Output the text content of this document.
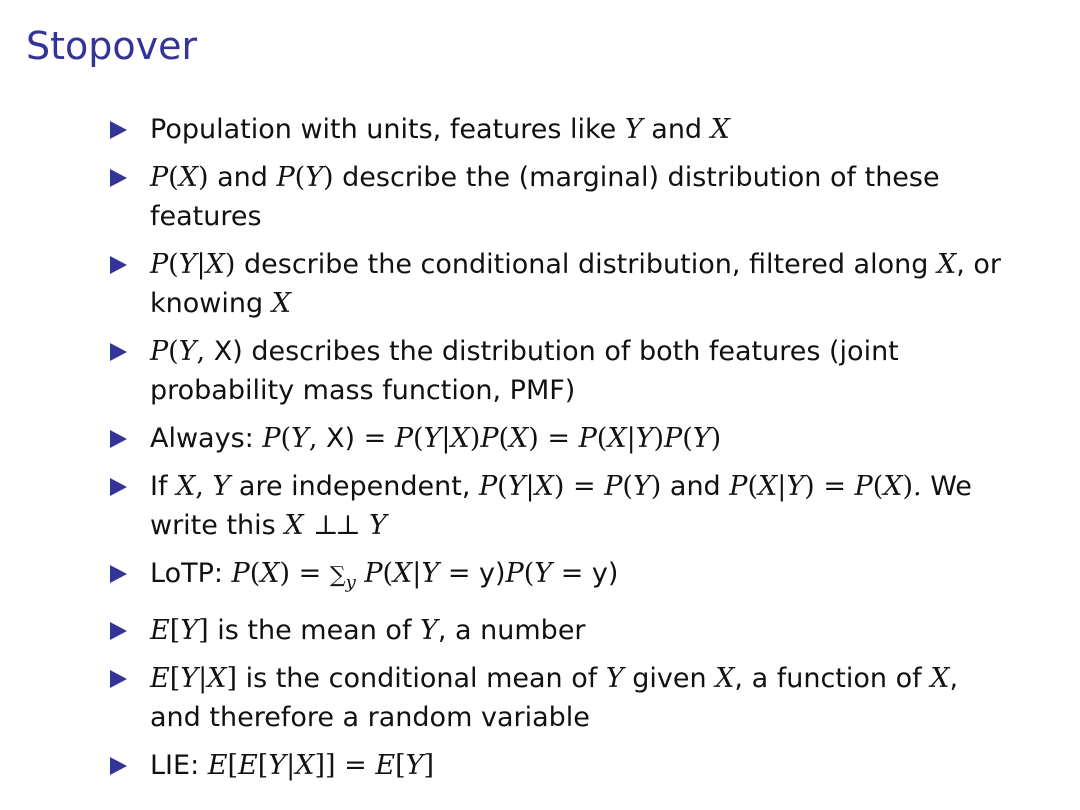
Stopover
Population with units, features like Y and X
P(X) and P(Y) describe the (marginal) distribution of these features
P(Y|X) describe the conditional distribution, filtered along X, or knowing X
P(Y, X) describes the distribution of both features (joint probability mass function, PMF)
Always: P(Y, X) = P(Y|X)P(X) = P(X|Y)P(Y)
If X, Y are independent, P(Y|X) = P(Y) and P(X|Y) = P(X). We write this X ⊥⊥ Y
LoTP: $P(X) = \sum_y$ P(X|Y = y)P(Y = y)
E[Y] is the mean of Y, a number
E[Y|X] is the conditional mean of Y given X, a function of X, and therefore a random variable
LIE: E[E[Y|X]] = E[Y]
